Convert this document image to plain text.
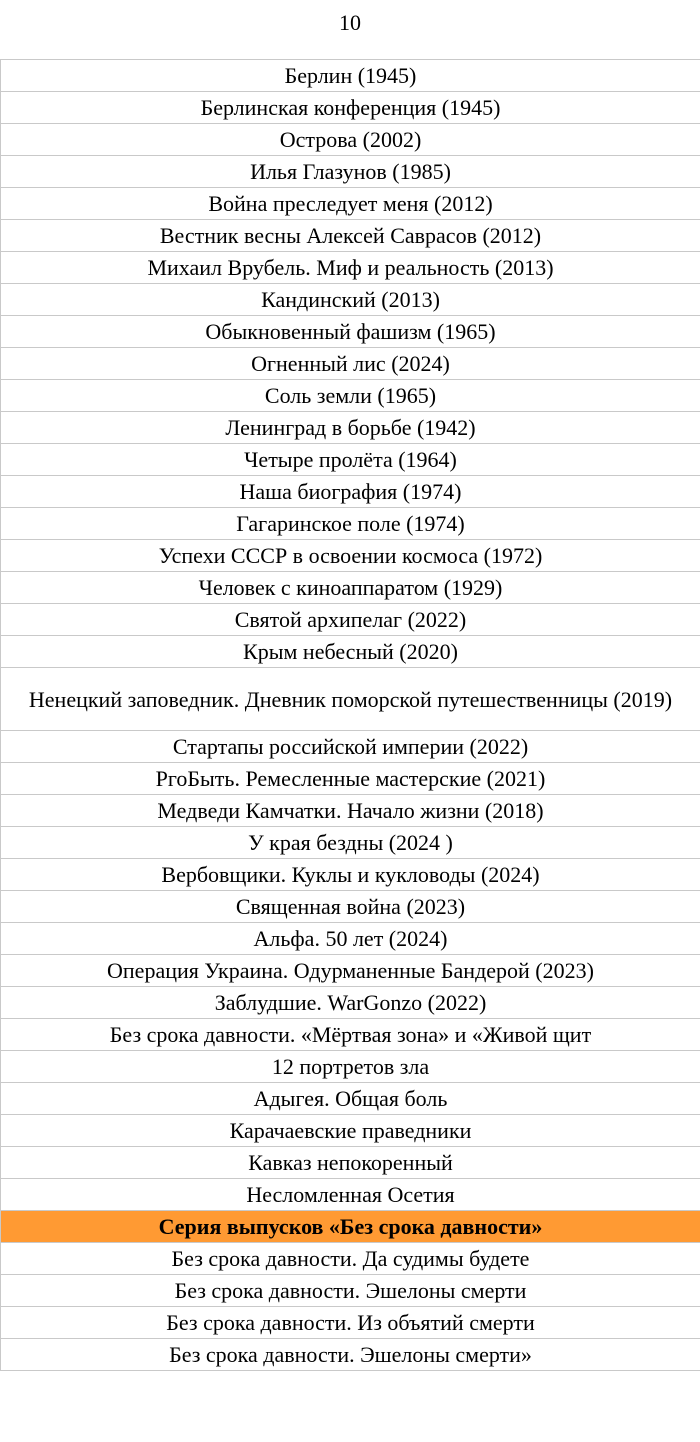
10
Берлин (1945)
Берлинская конференция (1945)
Острова (2002)
Илья Глазунов (1985)
Война преследует меня (2012)
Вестник весны Алексей Саврасов (2012)
Михаил Врубель. Миф и реальность (2013)
Кандинский (2013)
Обыкновенный фашизм (1965)
Огненный лис (2024)
Соль земли (1965)
Ленинград в борьбе (1942)
Четыре пролёта (1964)
Наша биография (1974)
Гагаринское поле (1974)
Успехи СССР в освоении космоса (1972)
Человек с киноаппаратом (1929)
Святой архипелаг (2022)
Крым небесный (2020)
Ненецкий заповедник. Дневник поморской путешественницы (2019)
Стартапы российской империи (2022)
PгоБыть. Ремесленные мастерские (2021)
Медведи Камчатки. Начало жизни (2018)
У края бездны (2024 )
Вербовщики. Куклы и кукловоды (2024)
Священная война (2023)
Альфа. 50 лет (2024)
Операция Украина. Одурманенные Бандерой (2023)
Заблудшие. WarGonzo (2022)
Без срока давности. «Мёртвая зона» и «Живой щит
12 портретов зла
Адыгея. Общая боль
Карачаевские праведники
Кавказ непокоренный
Несломленная Осетия
Серия выпусков «Без срока давности»
Без срока давности. Да судимы будете
Без срока давности. Эшелоны смерти
Без срока давности. Из объятий смерти
Без срока давности. Эшелоны смерти»
